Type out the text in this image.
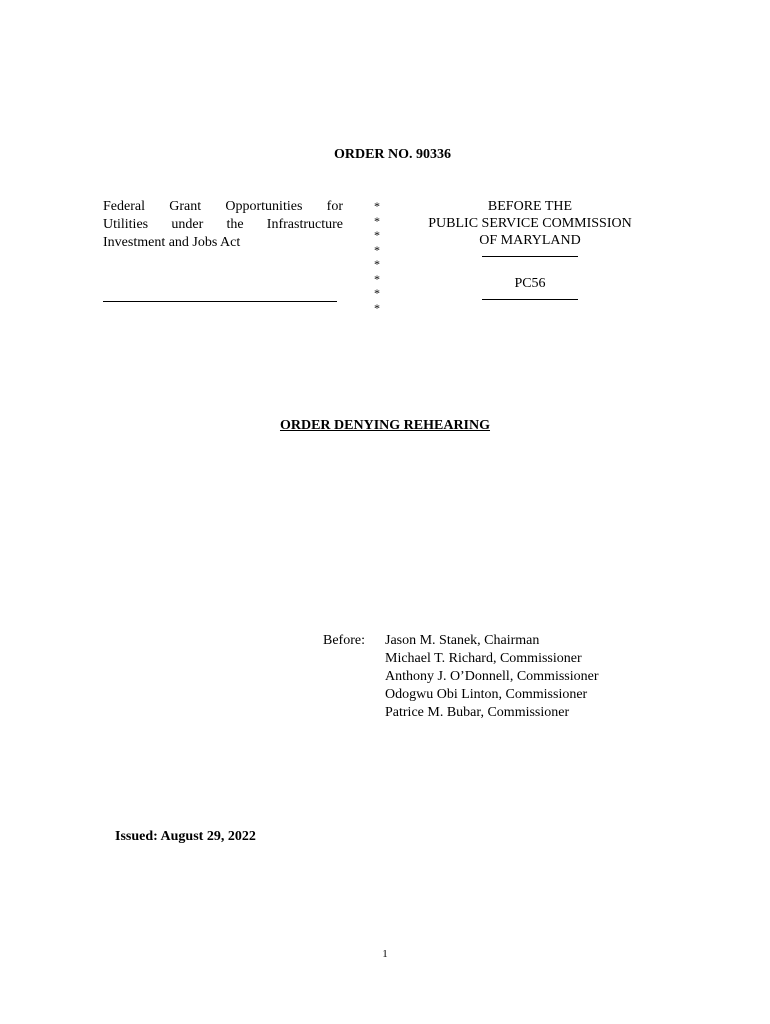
ORDER NO. 90336
Federal Grant Opportunities for
Utilities under the Infrastructure
Investment and Jobs Act
*
*
*
*
*
*
*
*
BEFORE THE
PUBLIC SERVICE COMMISSION
OF MARYLAND
PC56
ORDER DENYING REHEARING
Before: Jason M. Stanek, Chairman
Michael T. Richard, Commissioner
Anthony J. O’Donnell, Commissioner
Odogwu Obi Linton, Commissioner
Patrice M. Bubar, Commissioner
Issued: August 29, 2022
1
